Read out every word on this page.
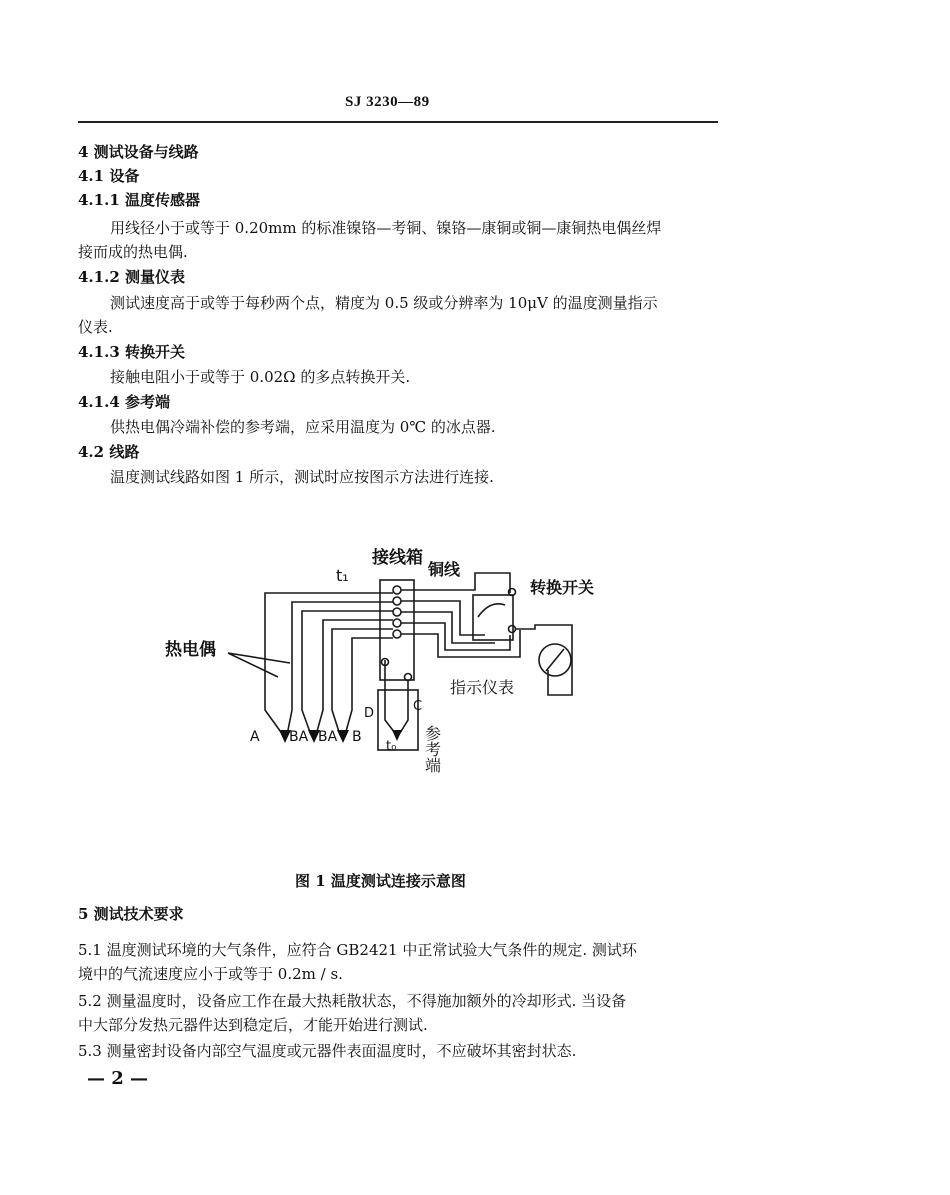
SJ 3230—89
4 测试设备与线路
4.1 设备
4.1.1 温度传感器
用线径小于或等于 0.20mm 的标准镍铬—考铜、镍铬—康铜或铜—康铜热电偶丝焊
接而成的热电偶.
4.1.2 测量仪表
测试速度高于或等于每秒两个点，精度为 0.5 级或分辨率为 10μV 的温度测量指示
仪表.
4.1.3 转换开关
接触电阻小于或等于 0.02Ω 的多点转换开关.
4.1.4 参考端
供热电偶冷端补偿的参考端，应采用温度为 0℃ 的冰点器.
4.2 线路
温度测试线路如图 1 所示，测试时应按图示方法进行连接.
接线箱
t₁	铜线
转换开关
热电偶
指示仪表
A BA BA B
D	C
t₀ 参考端
图 1 温度测试连接示意图
5 测试技术要求
5.1 温度测试环境的大气条件，应符合 GB2421 中正常试验大气条件的规定. 测试环
境中的气流速度应小于或等于 0.2m / s.
5.2 测量温度时，设备应工作在最大热耗散状态，不得施加额外的冷却形式. 当设备
中大部分发热元器件达到稳定后，才能开始进行测试.
5.3 测量密封设备内部空气温度或元器件表面温度时，不应破坏其密封状态.
— 2 —
